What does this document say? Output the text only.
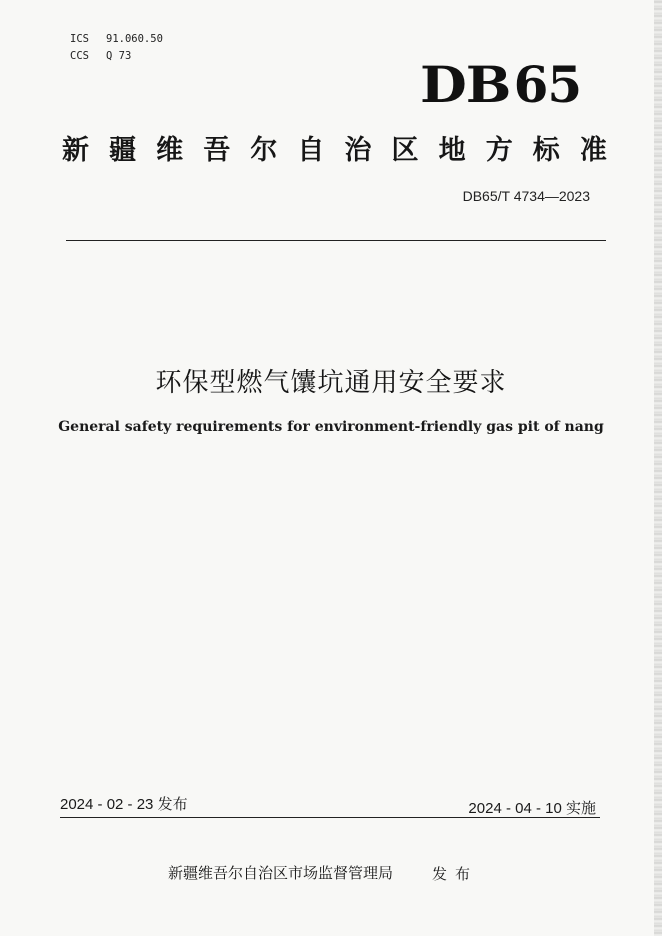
ICS	91.060.50
CCS	Q 73	DB 65
新 疆 维 吾 尔 自 治 区 地 方 标 准
DB65/T 4734—2023
环保型燃气馕坑通用安全要求
General safety requirements for environment-friendly gas pit of nang
2024 - 02 - 23 发布	2024 - 04 - 10 实施
新疆维吾尔自治区市场监督管理局	发布
